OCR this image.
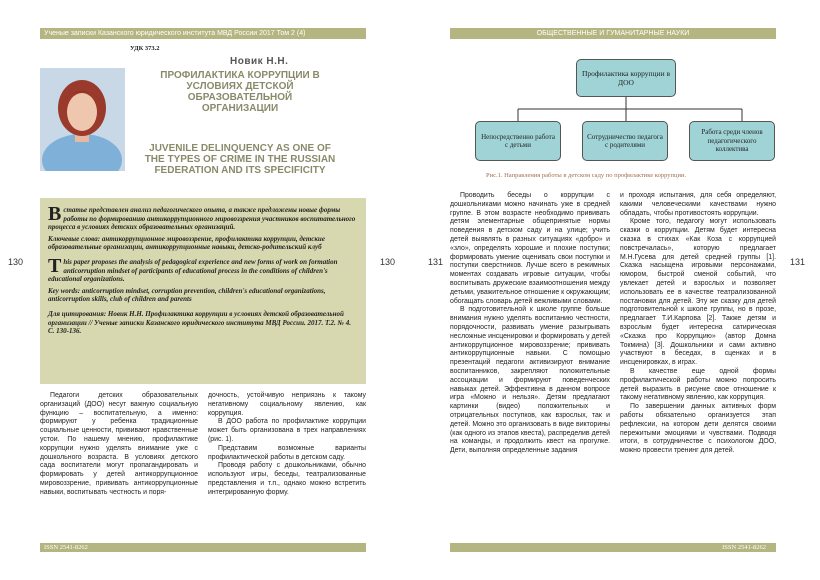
Ученые записки Казанского юридического института МВД России 2017 Том 2 (4)
УДК 373.2
Новик Н.Н.
ПРОФИЛАКТИКА КОРРУПЦИИ В УСЛОВИЯХ ДЕТСКОЙ ОБРАЗОВАТЕЛЬНОЙ ОРГАНИЗАЦИИ
JUVENILE DELINQUENCY AS ONE OF THE TYPES OF CRIME IN THE RUSSIAN FEDERATION AND ITS SPECIFICITY
130	130

Встатье представлен анализ педагогического опыта, а также предложены новые формы работы по формированию антикоррупционного мировоззрения участников воспитательного процесса в условиях детских образовательных организаций.

Ключевые слова: антикоррупционное мировоззрение, профилактика коррупции, детские образовательные организации, антикоррупционные навыки, детско-родительский клуб

This paper proposes the analysis of pedagogical experience and new forms of work on formation anticorruption mindset of participants of educational process in the conditions of children's educational organizations.

Key words: anticorruption mindset, corruption prevention, children's educational organizations, anticorruption skills, club of children and parents

Для цитирования: Новик Н.Н. Профилактика коррупции в условиях детской образовательной организации // Ученые записки Казанского юридического института МВД России. 2017. Т.2. № 4. С. 130-136.

Педагоги детских образовательных организаций (ДОО) несут важную социальную функцию – воспитательную, а именно: формируют у ребенка традиционные социальные ценности, прививают нравственные устои. По нашему мнению, профилактике коррупции нужно уделять внимание уже с дошкольного возраста. В условиях детского сада воспитатели могут пропагандировать и формировать у детей антикоррупционное мировоззрение, прививать антикоррупционные навыки, воспитывать честность и поря-

дочность, устойчивую неприязнь к такому негативному социальному явлению, как коррупция.

В ДОО работа по профилактике коррупции может быть организована в трех направлениях (рис. 1).

Представим возможные варианты профилактической работы в детском саду.

Проводя работу с дошкольниками, обычно используют игры, беседы, театрализованные представления и т.п., однако можно встретить интегрированную форму.

ISSN 2541-8262
ОБЩЕСТВЕННЫЕ И ГУМАНИТАРНЫЕ НАУКИ
131	131
Профилактика коррупции в ДОО
Непосредственно работа с детьми
Сотрудничество педагога с родителями
Работа среди членов педагогического коллектива
Рис.1. Направления работы в детском саду по профилактике коррупции.

Проводить беседы о коррупции с дошкольниками можно начинать уже в средней группе. В этом возрасте необходимо прививать детям элементарные общепринятые нормы поведения в детском саду и на улице; учить детей выявлять в разных ситуациях «добро» и «зло», определять хорошие и плохие поступки; формировать умение оценивать свои поступки и поступки сверстников. Лучше всего в режимных моментах создавать игровые ситуации, чтобы воспитывать дружеские взаимоотношения между детьми, уважительное отношение к окружающим; обогащать словарь детей вежливыми словами.

В подготовительной к школе группе больше внимания нужно уделять воспитанию честности, порядочности, развивать умение разыгрывать несложные инсценировки и формировать у детей антикоррупционное мировоззрение; прививать антикоррупционные навыки. С помощью презентаций педагоги активизируют внимание воспитанников, закрепляют положительные ассоциации и формируют поведенческих навыках детей. Эффективна в данном вопросе игра «Можно и нельзя». Детям предлагают картинки (видео) положительных и отрицательных поступков, как взрослых, так и детей. Можно это организовать в виде викторины (как одного из этапов квеста), распределив детей на команды, и продолжить квест на прогулке. Дети, выполняя определенные задания

и проходя испытания, для себя определяют, какими человеческими качествами нужно обладать, чтобы противостоять коррупции.

Кроме того, педагогу могут использовать сказки о коррупции. Детям будет интересна сказка в стихах «Как Коза с коррупцией повстречалась», которую предлагает М.Н.Гусева для детей средней группы [1]. Сказка насыщена игровыми персонажами, юмором, быстрой сменой событий, что увлекает детей и взрослых и позволяет использовать ее в качестве театрализованной постановки для детей. Эту же сказку для детей подготовительной к школе группы, но в прозе, предлагает Т.И.Карпова [2]. Также детям и взрослым будет интересна сатирическая «Сказка про Коррупцию» (автор Домна Токмина) [3]. Дошкольники и сами активно участвуют в беседах, в сценках и в инсценировках, в играх.

В качестве еще одной формы профилактической работы можно попросить детей выразить в рисунке свое отношение к такому негативному явлению, как коррупция.

По завершении данных активных форм работы обязательно организуется этап рефлексии, на котором дети делятся своими пережитыми эмоциями и чувствами. Подводя итоги, в сотрудничестве с психологом ДОО, можно провести тренинг для детей.

ISSN 2541-8262
